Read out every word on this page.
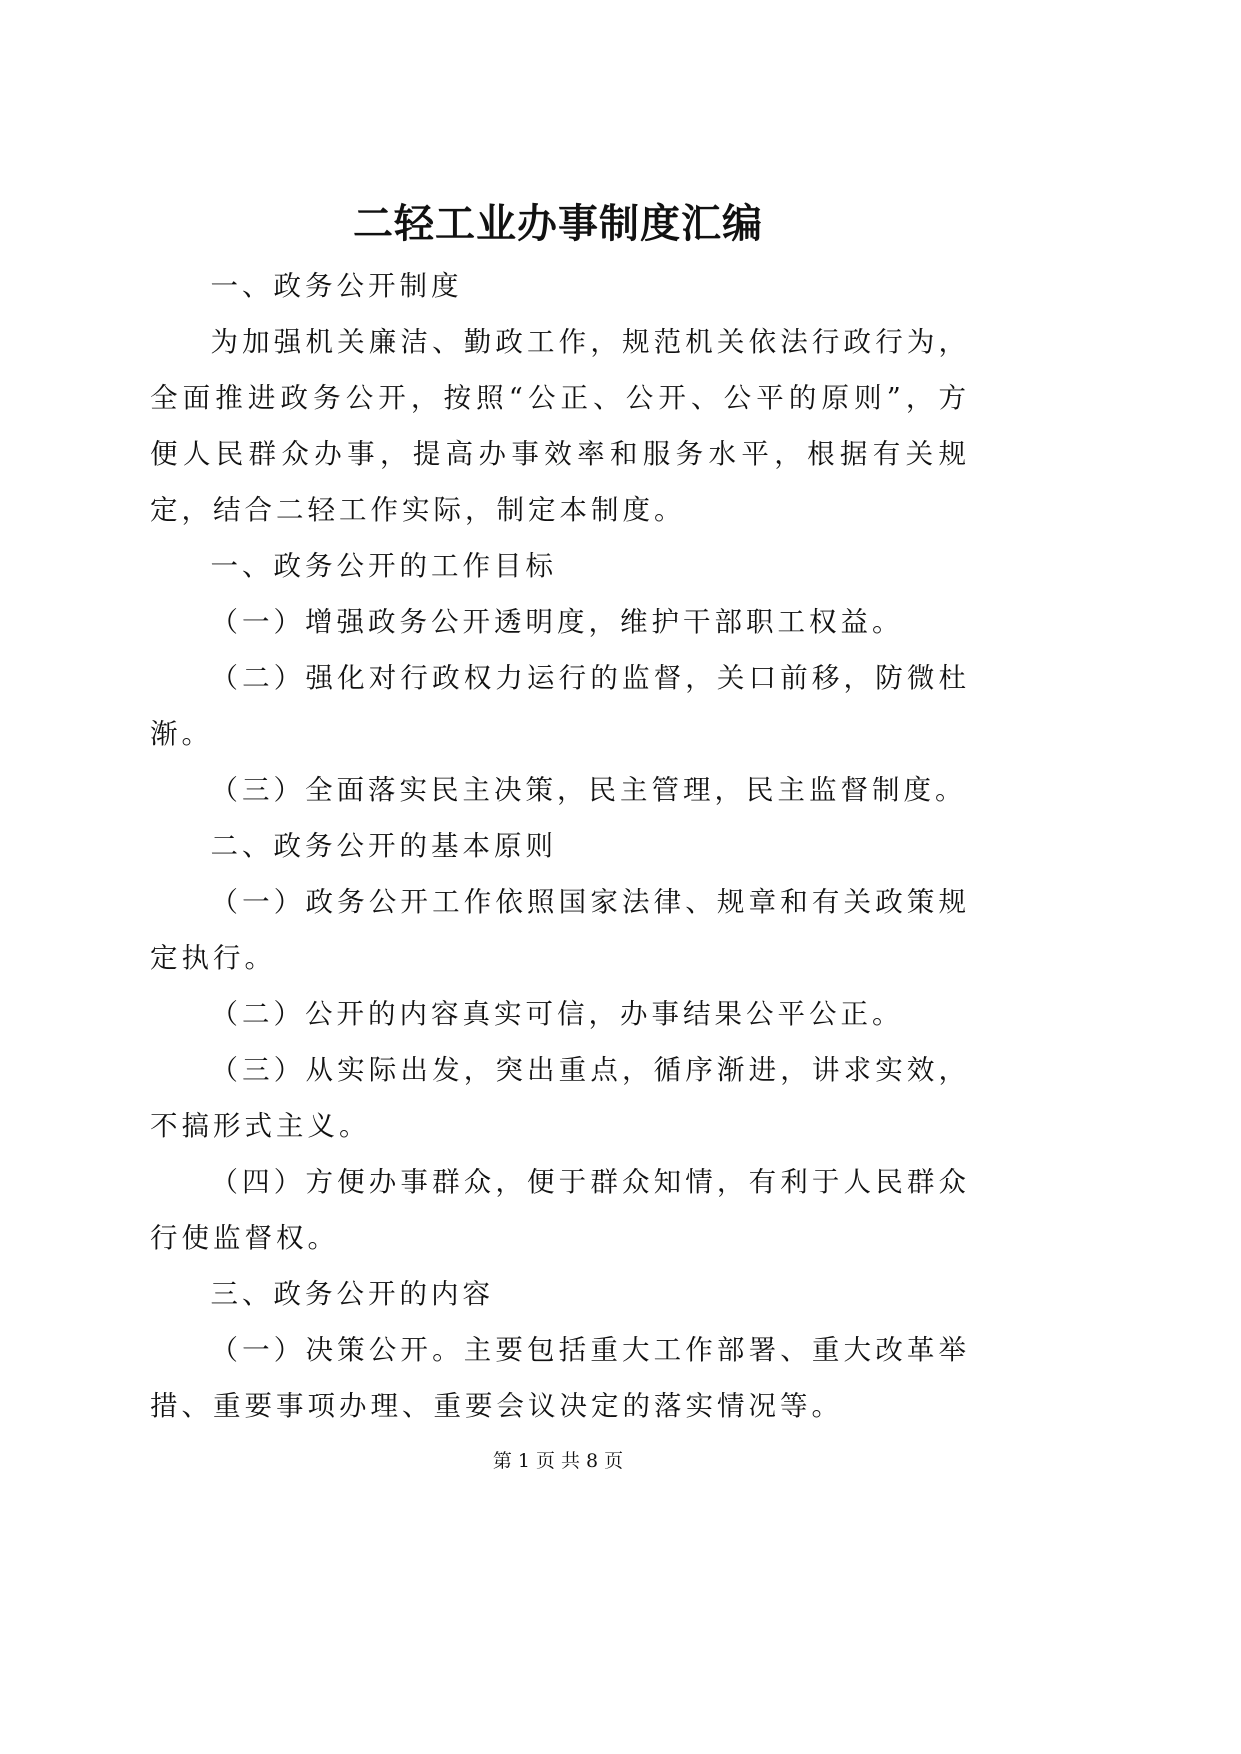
二轻工业办事制度汇编

一、政务公开制度

为加强机关廉洁、勤政工作，规范机关依法行政行为，全面推进政务公开，按照“公正、公开、公平的原则”，方便人民群众办事，提高办事效率和服务水平，根据有关规定，结合二轻工作实际，制定本制度。

一、政务公开的工作目标

（一）增强政务公开透明度，维护干部职工权益。

（二）强化对行政权力运行的监督，关口前移，防微杜渐。

（三）全面落实民主决策，民主管理，民主监督制度。

二、政务公开的基本原则

（一）政务公开工作依照国家法律、规章和有关政策规定执行。

（二）公开的内容真实可信，办事结果公平公正。

（三）从实际出发，突出重点，循序渐进，讲求实效，不搞形式主义。

（四）方便办事群众，便于群众知情，有利于人民群众行使监督权。

三、政务公开的内容

（一）决策公开。主要包括重大工作部署、重大改革举措、重要事项办理、重要会议决定的落实情况等。

第 1 页 共 8 页
